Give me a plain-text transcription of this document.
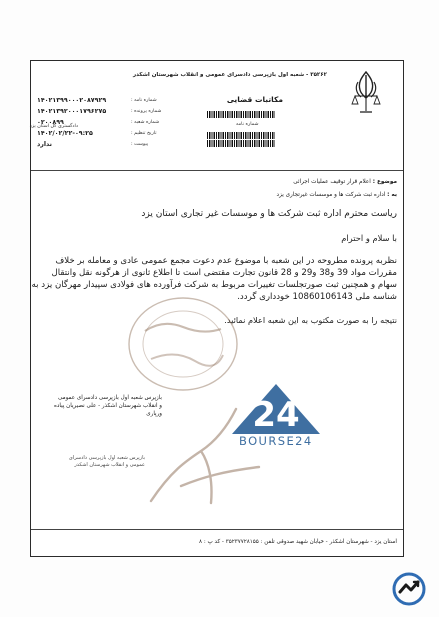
۳۵۲۶۲ - شعبه اول بازپرسی دادسرای عمومی و انقلاب شهرستان اشکذر
مکاتبات قضایی
دادگستری کل استان یزد	شماره نامه
۱۴۰۲۱۳۹۹۰۰۰۲۰۸۷۹۲۹
۱۴۰۲۱۳۹۲۰۰۰۱۷۹۶۲۷۵
۰۲۰۰۸۹۹
۱۴۰۲/۰۲/۲۲-۰۹:۲۵
ندارد
شماره نامه :
شماره پرونده :
شماره شعبه :
تاریخ تنظیم :
پیوست :
موضوع : اعلام قرار توقیف عملیات اجرائی
به : اداره ثبت شرکت ها و موسسات غیرتجاری یزد
ریاست محترم اداره ثبت شرکت ها و موسسات غیر تجاری استان یزد
با سلام و احترام
نظربه پرونده مطروحه در این شعبه با موضوع عدم دعوت مجمع عمومی عادی و معامله بر خلاف
مقررات مواد 39 و38 و29 و 28 قانون تجارت مقتضی است تا اطلاع ثانوی از هرگونه نقل وانتقال
سهام و همچنین ثبت صورتجلسات تغییرات مربوط به شرکت فرآورده های فولادی سپیدار مهرگان یزد به
شناسه ملی 10860106143 خودداری گردد.
نتیجه را به صورت مکتوب به این شعبه اعلام نمائید.
بازپرس شعبه اول بازپرسی دادسرای عمومی
و انقلاب شهرستان اشکذر - علی نصیریان پیاده
ورپاری
بازپرس شعبه اول بازپرسی دادسرای
عمومی و انقلاب شهرستان اشکذر
استان یزد - شهرستان اشکذر - خیابان شهید صدوقی تلفن : ۳۵۲۳۷۷۲۸۱۵۵ - کد پ : ۸
24
BOURSE24
